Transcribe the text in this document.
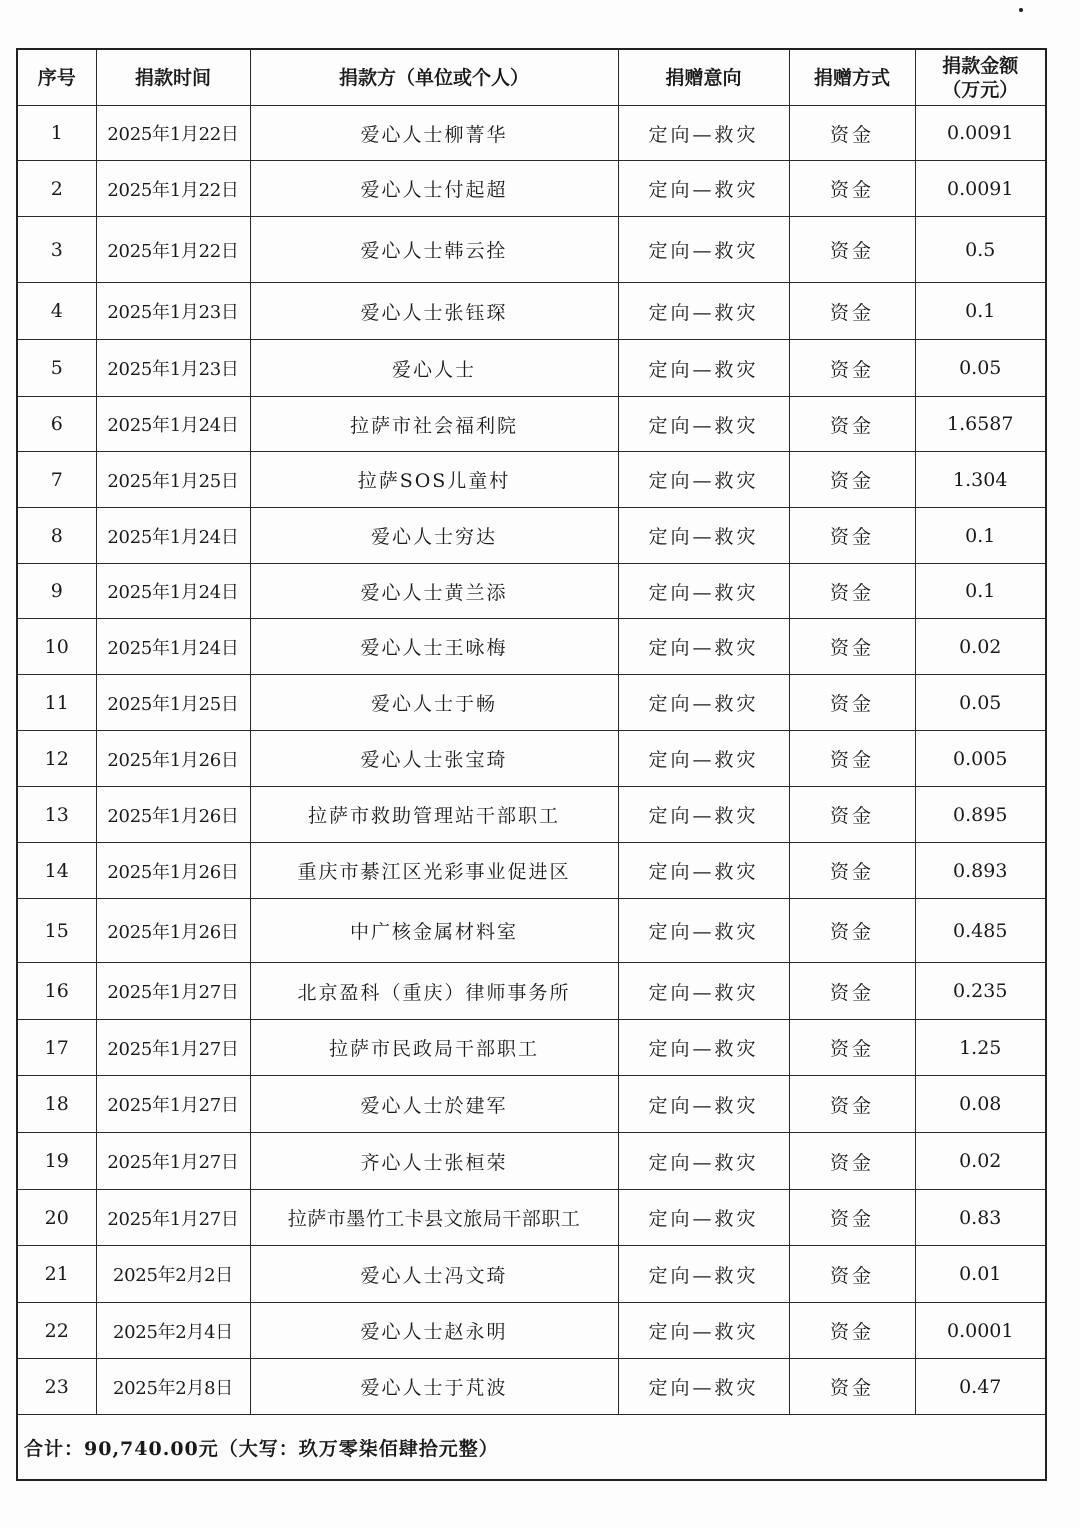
序号	捐款时间	捐款方（单位或个人）	捐赠意向	捐赠方式	捐款金额
（万元）

1	2025年1月22日	爱心人士柳菁华	定向—救灾	资金	0.0091
2	2025年1月22日	爱心人士付起超	定向—救灾	资金	0.0091
3	2025年1月22日	爱心人士韩云拴	定向—救灾	资金	0.5
4	2025年1月23日	爱心人士张钰琛	定向—救灾	资金	0.1
5	2025年1月23日	爱心人士	定向—救灾	资金	0.05
6	2025年1月24日	拉萨市社会福利院	定向—救灾	资金	1.6587
7	2025年1月25日	拉萨SOS儿童村	定向—救灾	资金	1.304
8	2025年1月24日	爱心人士穷达	定向—救灾	资金	0.1
9	2025年1月24日	爱心人士黄兰添	定向—救灾	资金	0.1
10	2025年1月24日	爱心人士王咏梅	定向—救灾	资金	0.02
11	2025年1月25日	爱心人士于畅	定向—救灾	资金	0.05
12	2025年1月26日	爱心人士张宝琦	定向—救灾	资金	0.005
13	2025年1月26日	拉萨市救助管理站干部职工	定向—救灾	资金	0.895
14	2025年1月26日	重庆市綦江区光彩事业促进区	定向—救灾	资金	0.893
15	2025年1月26日	中广核金属材料室	定向—救灾	资金	0.485
16	2025年1月27日	北京盈科（重庆）律师事务所	定向—救灾	资金	0.235
17	2025年1月27日	拉萨市民政局干部职工	定向—救灾	资金	1.25
18	2025年1月27日	爱心人士於建军	定向—救灾	资金	0.08
19	2025年1月27日	齐心人士张桓荣	定向—救灾	资金	0.02
20	2025年1月27日	拉萨市墨竹工卡县文旅局干部职工	定向—救灾	资金	0.83
21	2025年2月2日	爱心人士冯文琦	定向—救灾	资金	0.01
22	2025年2月4日	爱心人士赵永明	定向—救灾	资金	0.0001
23	2025年2月8日	爱心人士于芃波	定向—救灾	资金	0.47
合计：90,740.00元（大写：玖万零柒佰肆拾元整）					
